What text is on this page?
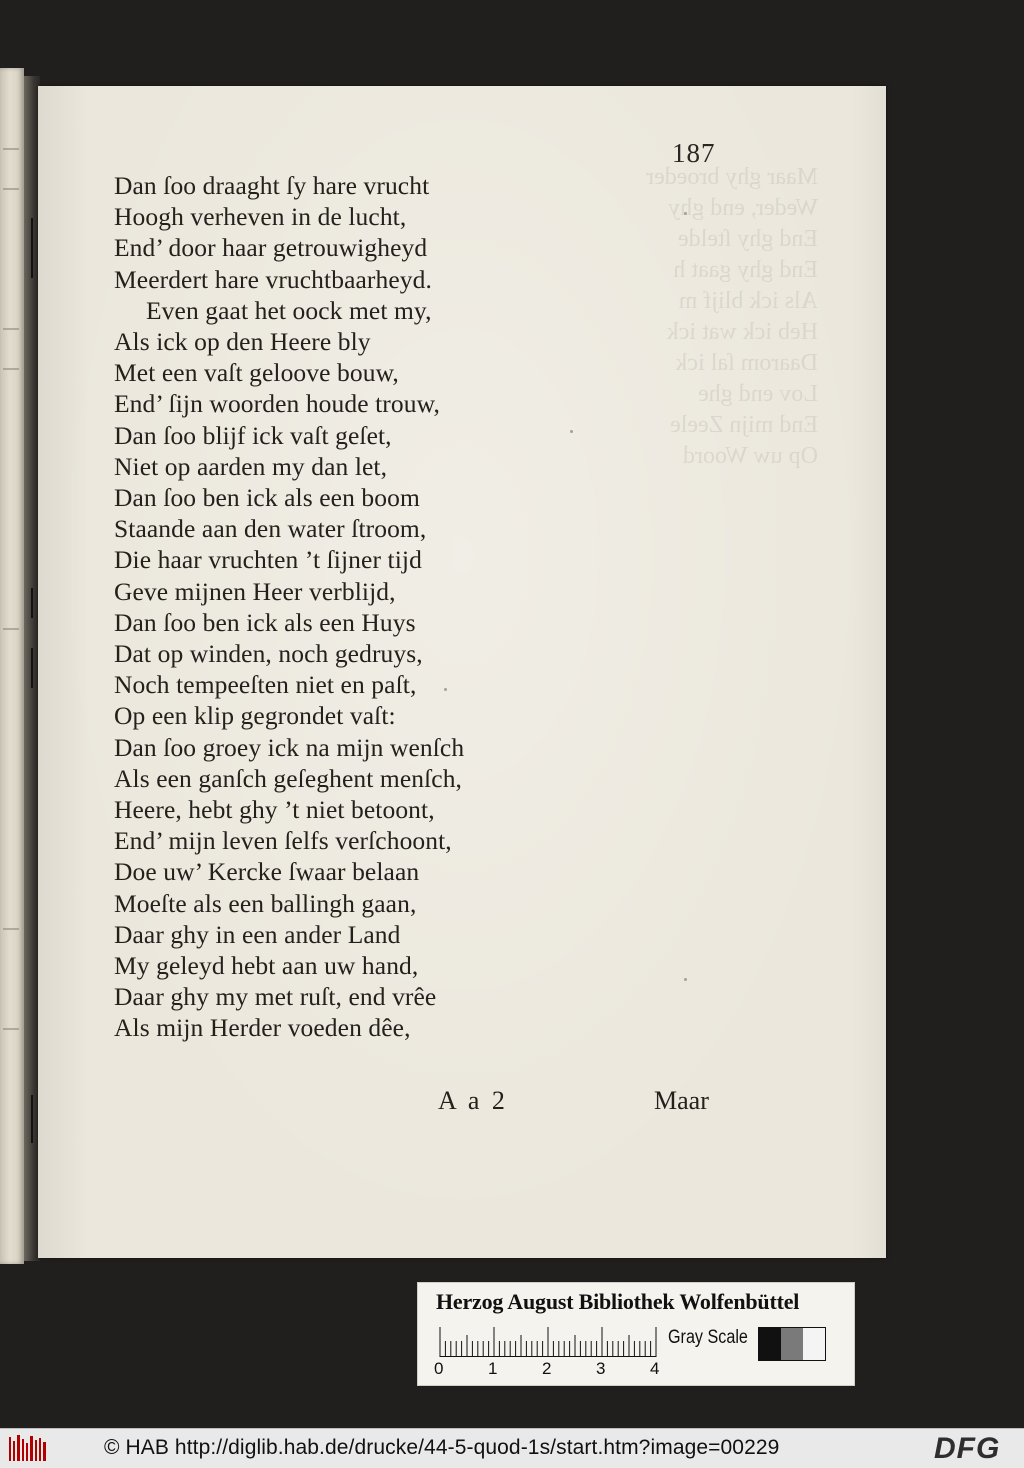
Maar ghy broeder
Weder, end ghy
End ghy ſtelde
End ghy gaat h
Als ick blijf m
Heb ick wat ick
Daarom ſal ick
Lov end ghe
End mijn Zeele
Op uw Woord

187
Dan ſoo draaght ſy hare vrucht
Hoogh verheven in de lucht,
End’ door haar getrouwigheyd
Meerdert hare vruchtbaarheyd.
Even gaat het oock met my,
Als ick op den Heere bly
Met een vaſt geloove bouw,
End’ ſijn woorden houde trouw,
Dan ſoo blijf ick vaſt geſet,
Niet op aarden my dan let,
Dan ſoo ben ick als een boom
Staande aan den water ſtroom,
Die haar vruchten ’t ſijner tijd
Geve mijnen Heer verblijd,
Dan ſoo ben ick als een Huys
Dat op winden, noch gedruys,
Noch tempeeſten niet en paſt,
Op een klip gegrondet vaſt:
Dan ſoo groey ick na mijn wenſch
Als een ganſch geſeghent menſch,
Heere, hebt ghy ’t niet betoont,
End’ mijn leven ſelfs verſchoont,
Doe uw’ Kercke ſwaar belaan
Moeſte als een ballingh gaan,
Daar ghy in een ander Land
My geleyd hebt aan uw hand,
Daar ghy my met ruſt, end vrêe
Als mijn Herder voeden dêe,
A a 2	Maar
Herzog August Bibliothek Wolfenbüttel
Gray Scale
0	1	2	3	4
© HAB http://diglib.hab.de/drucke/44-5-quod-1s/start.htm?image=00229	DFG
